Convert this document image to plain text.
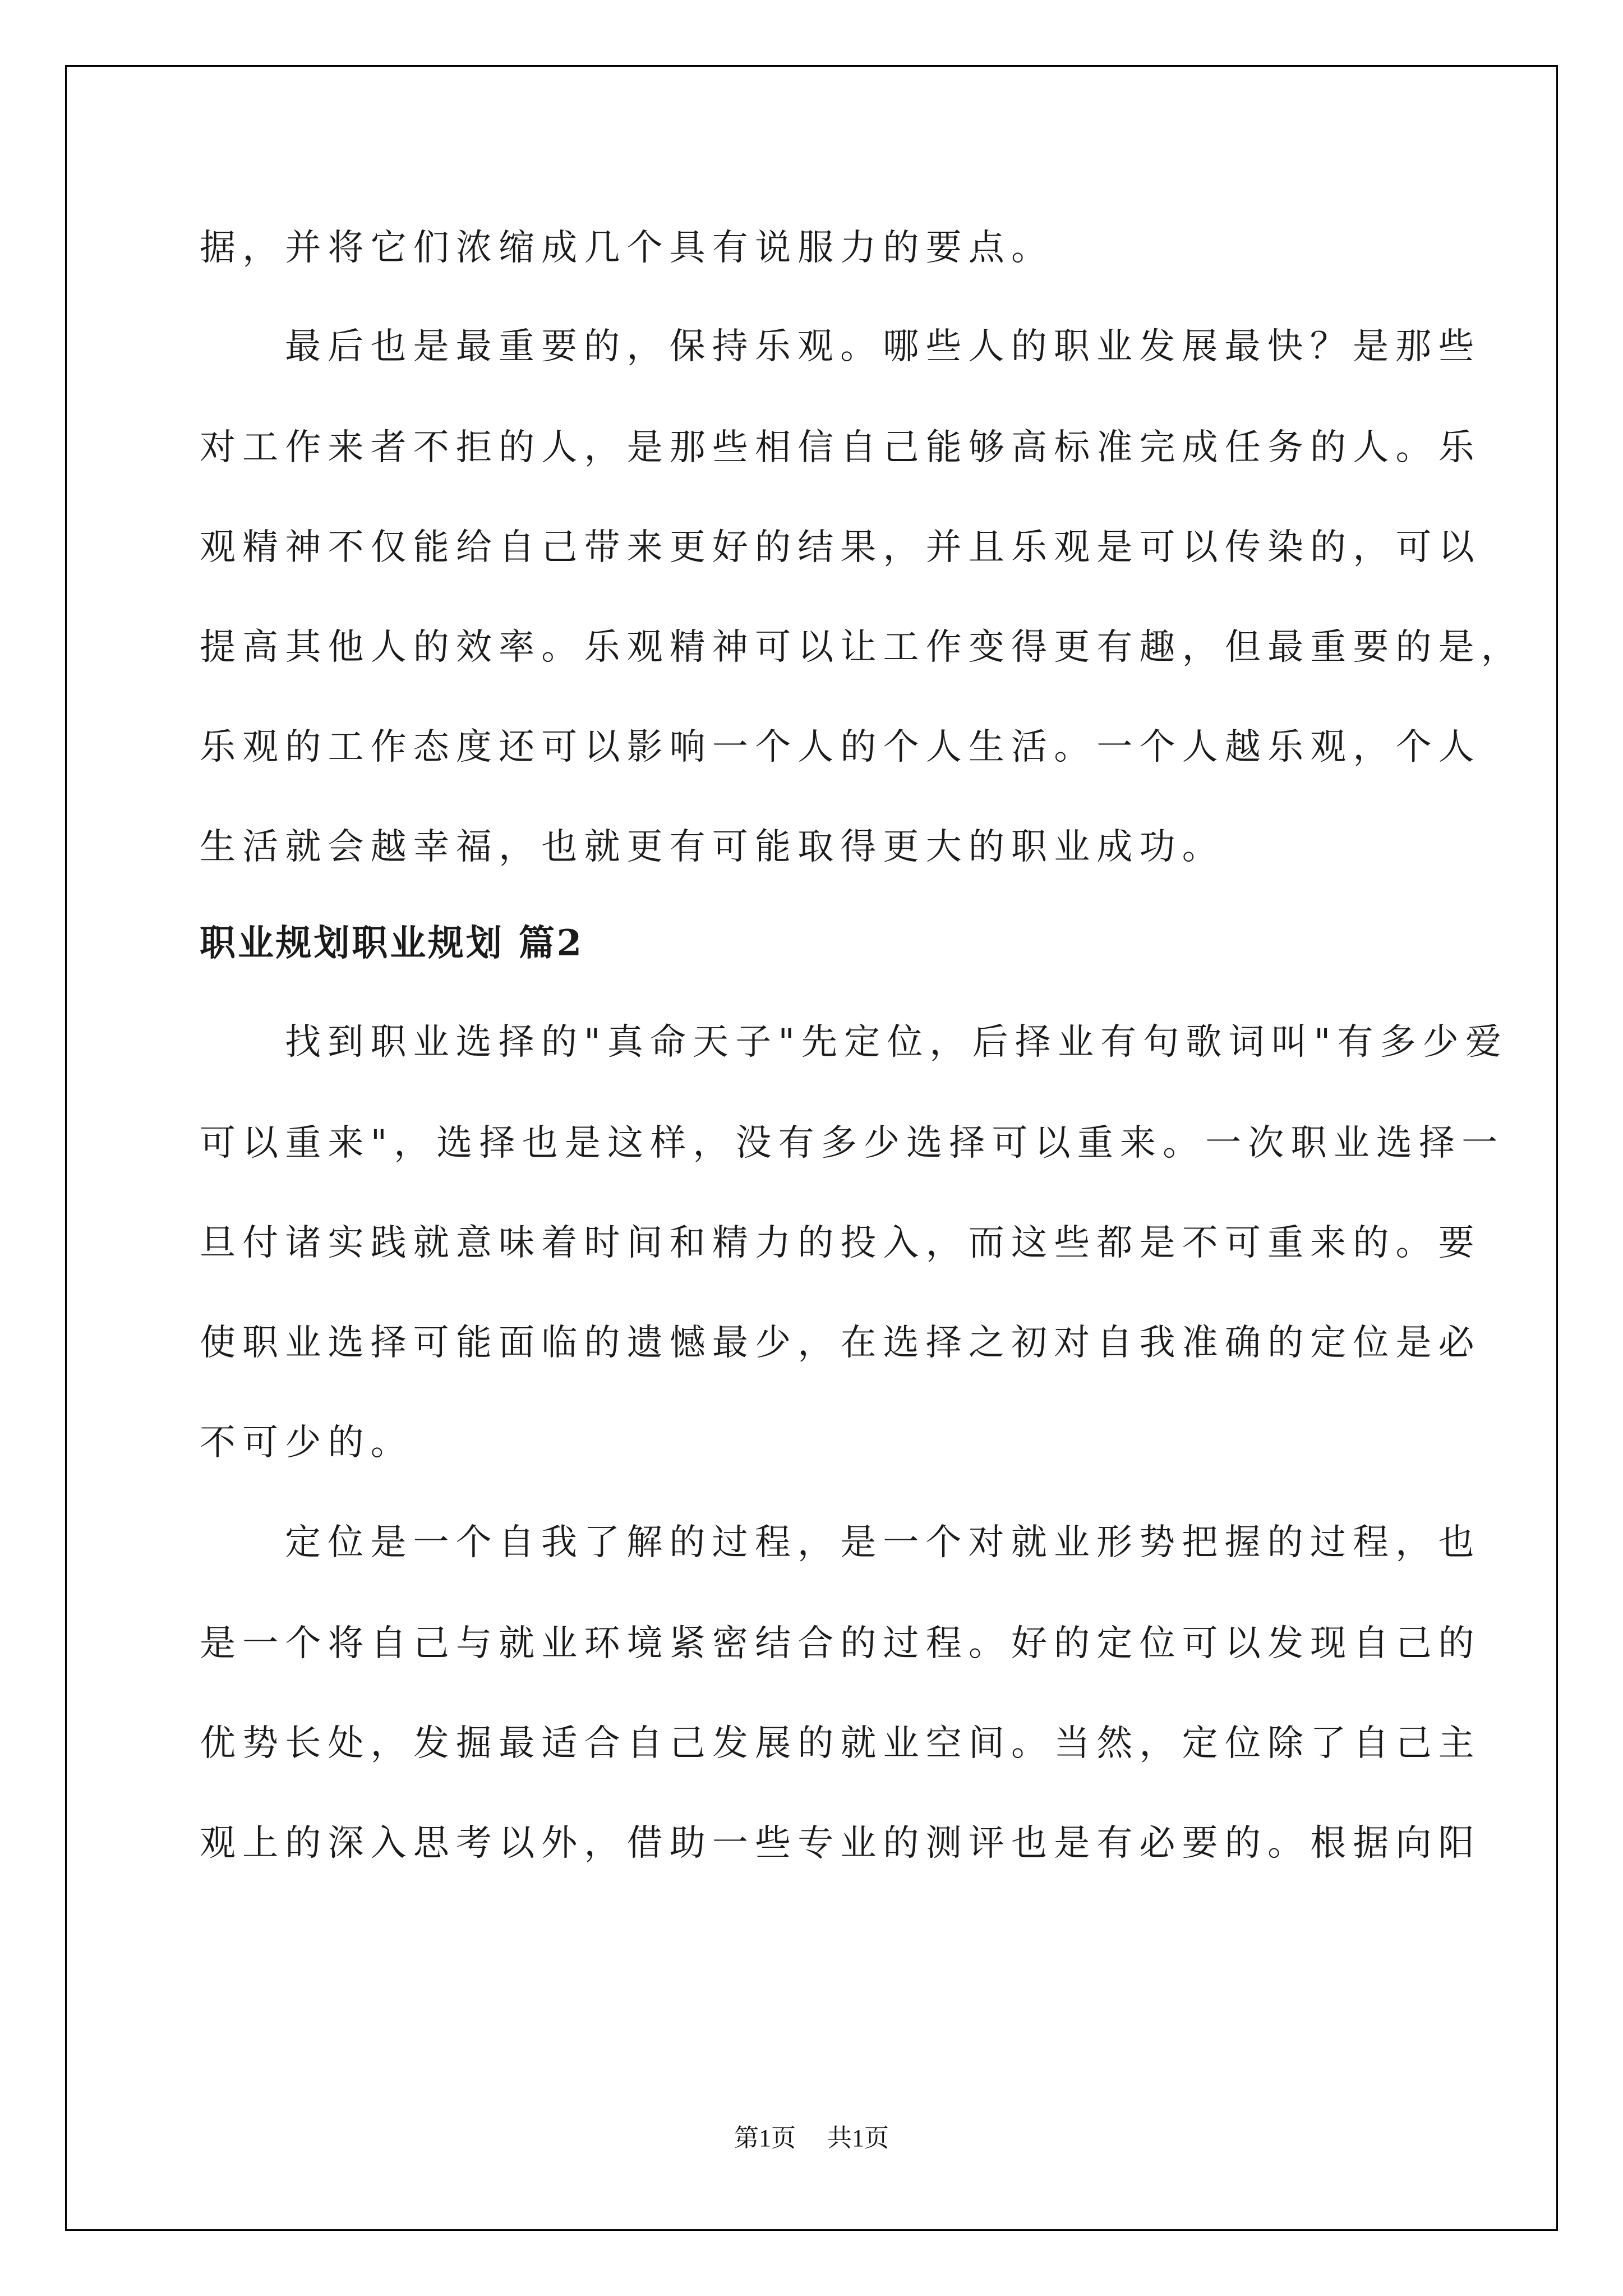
据，并将它们浓缩成几个具有说服力的要点。

最后也是最重要的，保持乐观。哪些人的职业发展最快？是那些

对工作来者不拒的人，是那些相信自己能够高标准完成任务的人。乐

观精神不仅能给自己带来更好的结果，并且乐观是可以传染的，可以

提高其他人的效率。乐观精神可以让工作变得更有趣，但最重要的是，

乐观的工作态度还可以影响一个人的个人生活。一个人越乐观，个人

生活就会越幸福，也就更有可能取得更大的职业成功。

职业规划职业规划 篇2

找到职业选择的"真命天子"先定位，后择业有句歌词叫"有多少爱

可以重来"，选择也是这样，没有多少选择可以重来。一次职业选择一

旦付诸实践就意味着时间和精力的投入，而这些都是不可重来的。要

使职业选择可能面临的遗憾最少，在选择之初对自我准确的定位是必

不可少的。

定位是一个自我了解的过程，是一个对就业形势把握的过程，也

是一个将自己与就业环境紧密结合的过程。好的定位可以发现自己的

优势长处，发掘最适合自己发展的就业空间。当然，定位除了自己主

观上的深入思考以外，借助一些专业的测评也是有必要的。根据向阳

第1页 共1页
